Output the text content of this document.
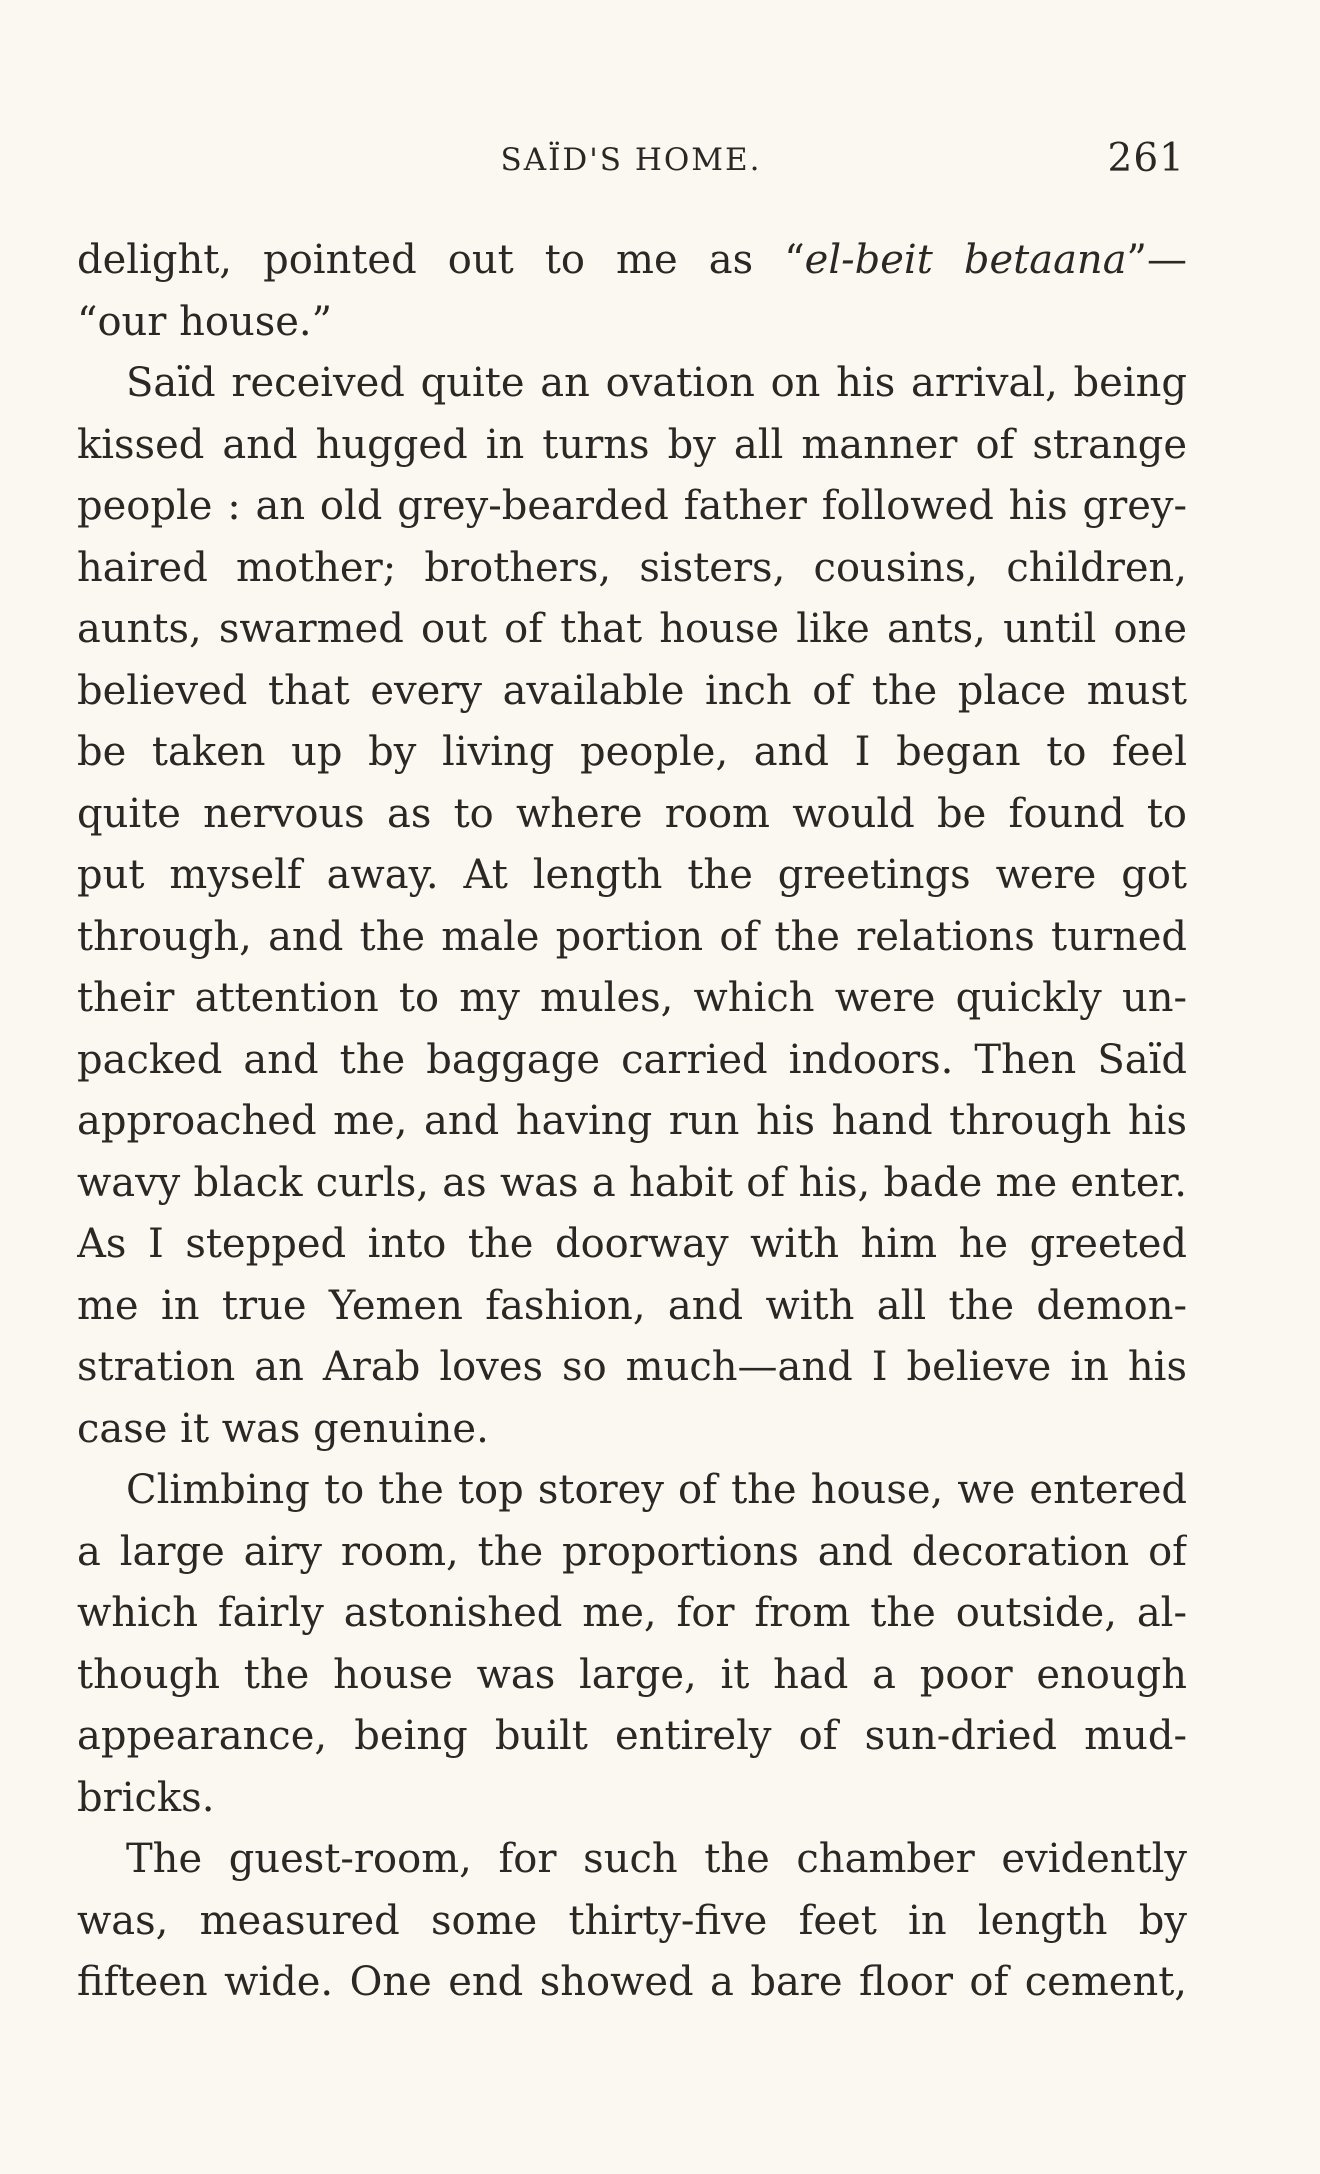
SAÏD'S HOME.	261
delight, pointed out to me as “el-beit betaana”—
“our house.”
Saïd received quite an ovation on his arrival, being
kissed and hugged in turns by all manner of strange
people : an old grey-bearded father followed his grey-
haired mother; brothers, sisters, cousins, children,
aunts, swarmed out of that house like ants, until one
believed that every available inch of the place must
be taken up by living people, and I began to feel
quite nervous as to where room would be found to
put myself away. At length the greetings were got
through, and the male portion of the relations turned
their attention to my mules, which were quickly un-
packed and the baggage carried indoors. Then Saïd
approached me, and having run his hand through his
wavy black curls, as was a habit of his, bade me enter.
As I stepped into the doorway with him he greeted
me in true Yemen fashion, and with all the demon-
stration an Arab loves so much—and I believe in his
case it was genuine.
Climbing to the top storey of the house, we entered
a large airy room, the proportions and decoration of
which fairly astonished me, for from the outside, al-
though the house was large, it had a poor enough
appearance, being built entirely of sun-dried mud-
bricks.
The guest-room, for such the chamber evidently
was, measured some thirty-five feet in length by
fifteen wide. One end showed a bare floor of cement,
